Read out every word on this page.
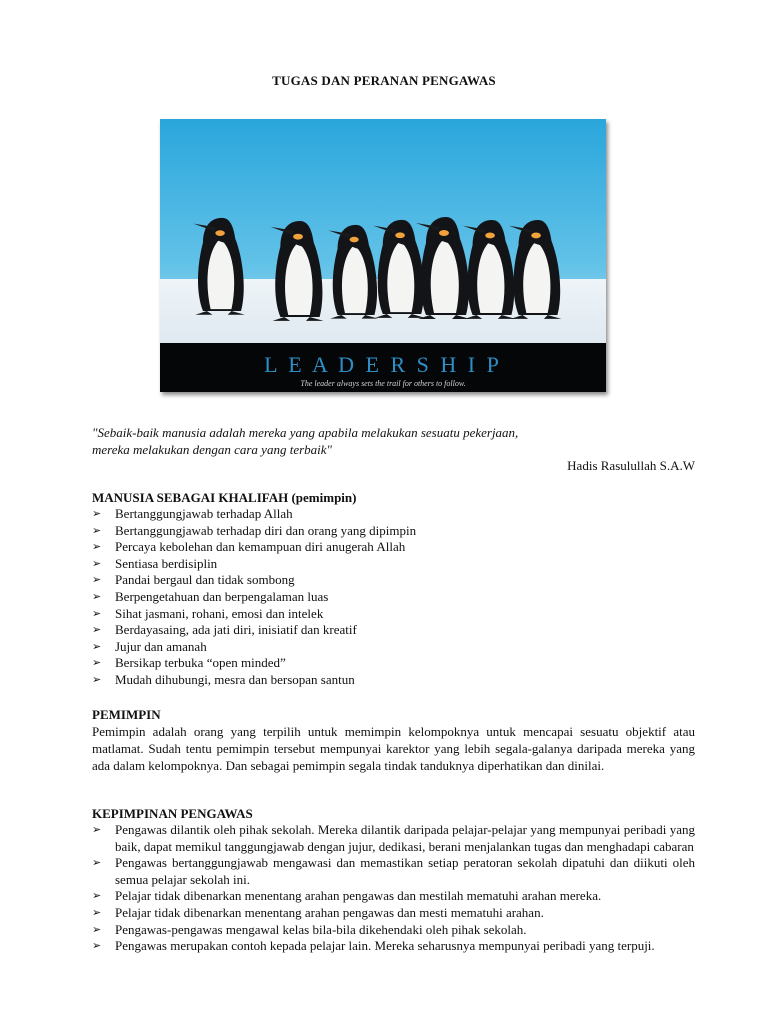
TUGAS DAN PERANAN PENGAWAS
L E A D E R S H I P
The leader always sets the trail for others to follow.
"Sebaik-baik manusia adalah mereka yang apabila melakukan sesuatu pekerjaan,
mereka melakukan dengan cara yang terbaik"
Hadis Rasulullah S.A.W
MANUSIA SEBAGAI KHALIFAH (pemimpin)
➢ Bertanggungjawab terhadap Allah
➢ Bertanggungjawab terhadap diri dan orang yang dipimpin
➢ Percaya kebolehan dan kemampuan diri anugerah Allah
➢ Sentiasa berdisiplin
➢ Pandai bergaul dan tidak sombong
➢ Berpengetahuan dan berpengalaman luas
➢ Sihat jasmani, rohani, emosi dan intelek
➢ Berdayasaing, ada jati diri, inisiatif dan kreatif
➢ Jujur dan amanah
➢ Bersikap terbuka “open minded”
➢ Mudah dihubungi, mesra dan bersopan santun
PEMIMPIN

Pemimpin adalah orang yang terpilih untuk memimpin kelompoknya untuk mencapai sesuatu objektif atau matlamat. Sudah tentu pemimpin tersebut mempunyai karektor yang lebih segala-galanya daripada mereka yang ada dalam kelompoknya. Dan sebagai pemimpin segala tindak tanduknya diperhatikan dan dinilai.

KEPIMPINAN PENGAWAS
➢ Pengawas dilantik oleh pihak sekolah. Mereka dilantik daripada pelajar-pelajar yang mempunyai peribadi yang baik, dapat memikul tanggungjawab dengan jujur, dedikasi, berani menjalankan tugas dan menghadapi cabaran
➢ Pengawas bertanggungjawab mengawasi dan memastikan setiap peratoran sekolah dipatuhi dan diikuti oleh semua pelajar sekolah ini.
➢ Pelajar tidak dibenarkan menentang arahan pengawas dan mestilah mematuhi arahan mereka.
➢ Pelajar tidak dibenarkan menentang arahan pengawas dan mesti mematuhi arahan.
➢ Pengawas-pengawas mengawal kelas bila-bila dikehendaki oleh pihak sekolah.
➢ Pengawas merupakan contoh kepada pelajar lain. Mereka seharusnya mempunyai peribadi yang terpuji.
